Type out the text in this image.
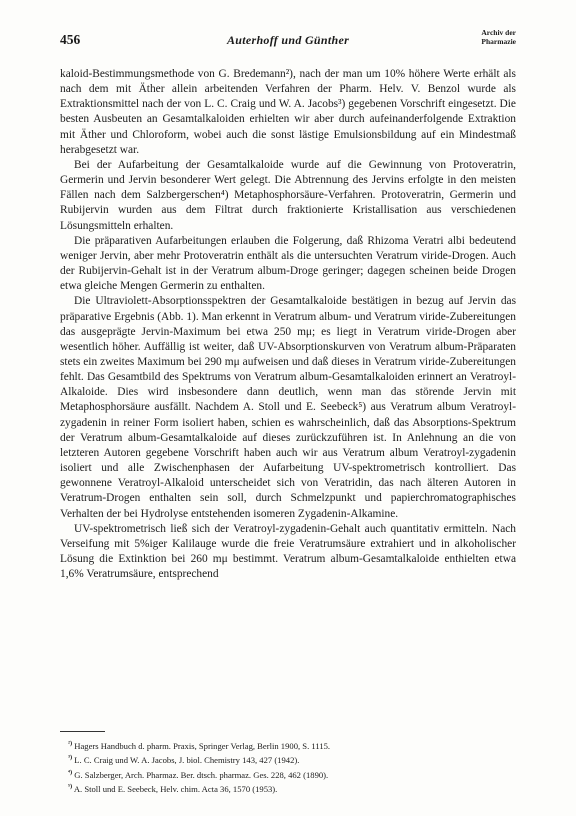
456	Auterhoff und Günther
Archiv der
Pharmazie

kaloid-Bestimmungsmethode von G. Bredemann²), nach der man um 10% höhere Werte erhält als nach dem mit Äther allein arbeitenden Verfahren der Pharm. Helv. V. Benzol wurde als Extraktionsmittel nach der von L. C. Craig und W. A. Jacobs³) gegebenen Vorschrift eingesetzt. Die besten Ausbeuten an Gesamtalkaloiden erhielten wir aber durch aufeinanderfolgende Extraktion mit Äther und Chloroform, wobei auch die sonst lästige Emulsionsbildung auf ein Mindestmaß herabgesetzt war.

Bei der Aufarbeitung der Gesamtalkaloide wurde auf die Gewinnung von Protoveratrin, Germerin und Jervin besonderer Wert gelegt. Die Abtrennung des Jervins erfolgte in den meisten Fällen nach dem Salzbergerschen⁴) Metaphosphorsäure-Verfahren. Protoveratrin, Germerin und Rubijervin wurden aus dem Filtrat durch fraktionierte Kristallisation aus verschiedenen Lösungsmitteln erhalten.

Die präparativen Aufarbeitungen erlauben die Folgerung, daß Rhizoma Veratri albi bedeutend weniger Jervin, aber mehr Protoveratrin enthält als die untersuchten Veratrum viride-Drogen. Auch der Rubijervin-Gehalt ist in der Veratrum album-Droge geringer; dagegen scheinen beide Drogen etwa gleiche Mengen Germerin zu enthalten.

Die Ultraviolett-Absorptionsspektren der Gesamtalkaloide bestätigen in bezug auf Jervin das präparative Ergebnis (Abb. 1). Man erkennt in Veratrum album- und Veratrum viride-Zubereitungen das ausgeprägte Jervin-Maximum bei etwa 250 mμ; es liegt in Veratrum viride-Drogen aber wesentlich höher. Auffällig ist weiter, daß UV-Absorptionskurven von Veratrum album-Präparaten stets ein zweites Maximum bei 290 mμ aufweisen und daß dieses in Veratrum viride-Zubereitungen fehlt. Das Gesamtbild des Spektrums von Veratrum album-Gesamtalkaloiden erinnert an Veratroyl-Alkaloide. Dies wird insbesondere dann deutlich, wenn man das störende Jervin mit Metaphosphorsäure ausfällt. Nachdem A. Stoll und E. Seebeck⁵) aus Veratrum album Veratroyl-zygadenin in reiner Form isoliert haben, schien es wahrscheinlich, daß das Absorptions-Spektrum der Veratrum album-Gesamtalkaloide auf dieses zurückzuführen ist. In Anlehnung an die von letzteren Autoren gegebene Vorschrift haben auch wir aus Veratrum album Veratroyl-zygadenin isoliert und alle Zwischenphasen der Aufarbeitung UV-spektrometrisch kontrolliert. Das gewonnene Veratroyl-Alkaloid unterscheidet sich von Veratridin, das nach älteren Autoren in Veratrum-Drogen enthalten sein soll, durch Schmelzpunkt und papierchromatographisches Verhalten der bei Hydrolyse entstehenden isomeren Zygadenin-Alkamine.

UV-spektrometrisch ließ sich der Veratroyl-zygadenin-Gehalt auch quantitativ ermitteln. Nach Verseifung mit 5%iger Kalilauge wurde die freie Veratrumsäure extrahiert und in alkoholischer Lösung die Extinktion bei 260 mμ bestimmt. Veratrum album-Gesamtalkaloide enthielten etwa 1,6% Veratrumsäure, entsprechend

$^{^2)}$ Hagers Handbuch d. pharm. Praxis, Springer Verlag, Berlin 1900, S. 1115.

$^{^3)}$ L. C. Craig und W. A. Jacobs, J. biol. Chemistry 143, 427 (1942).

$^{^4)}$ G. Salzberger, Arch. Pharmaz. Ber. dtsch. pharmaz. Ges. 228, 462 (1890).

$^{^5)}$ A. Stoll und E. Seebeck, Helv. chim. Acta 36, 1570 (1953).
